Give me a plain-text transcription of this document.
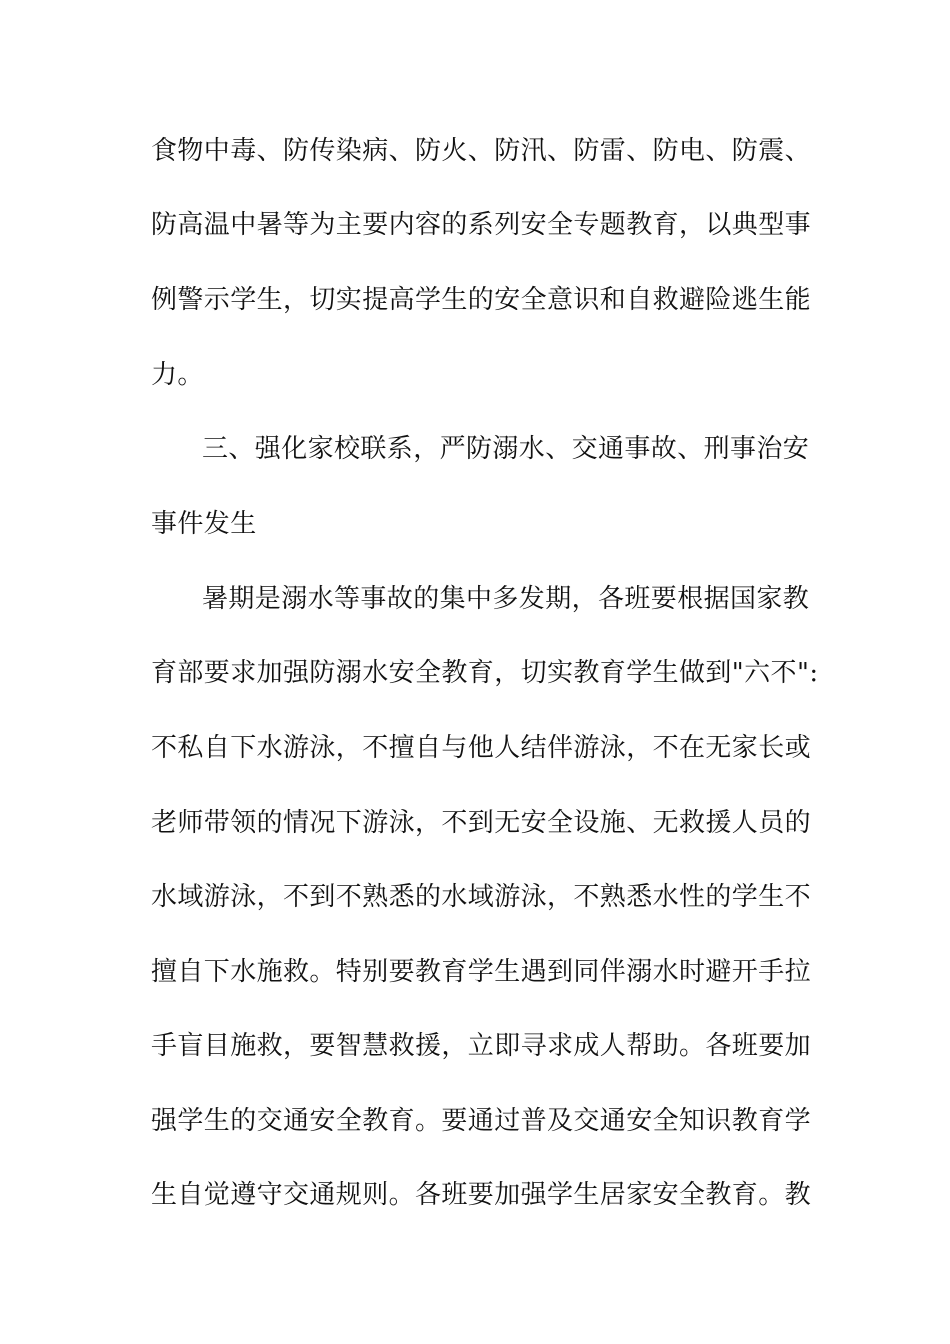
食物中毒、防传染病、防火、防汛、防雷、防电、防震、
防高温中暑等为主要内容的系列安全专题教育，以典型事
例警示学生，切实提高学生的安全意识和自救避险逃生能
力。
三、强化家校联系，严防溺水、交通事故、刑事治安
事件发生
暑期是溺水等事故的集中多发期，各班要根据国家教
育部要求加强防溺水安全教育，切实教育学生做到"六不":
不私自下水游泳，不擅自与他人结伴游泳，不在无家长或
老师带领的情况下游泳，不到无安全设施、无救援人员的
水域游泳，不到不熟悉的水域游泳，不熟悉水性的学生不
擅自下水施救。特别要教育学生遇到同伴溺水时避开手拉
手盲目施救，要智慧救援，立即寻求成人帮助。各班要加
强学生的交通安全教育。要通过普及交通安全知识教育学
生自觉遵守交通规则。各班要加强学生居家安全教育。教
